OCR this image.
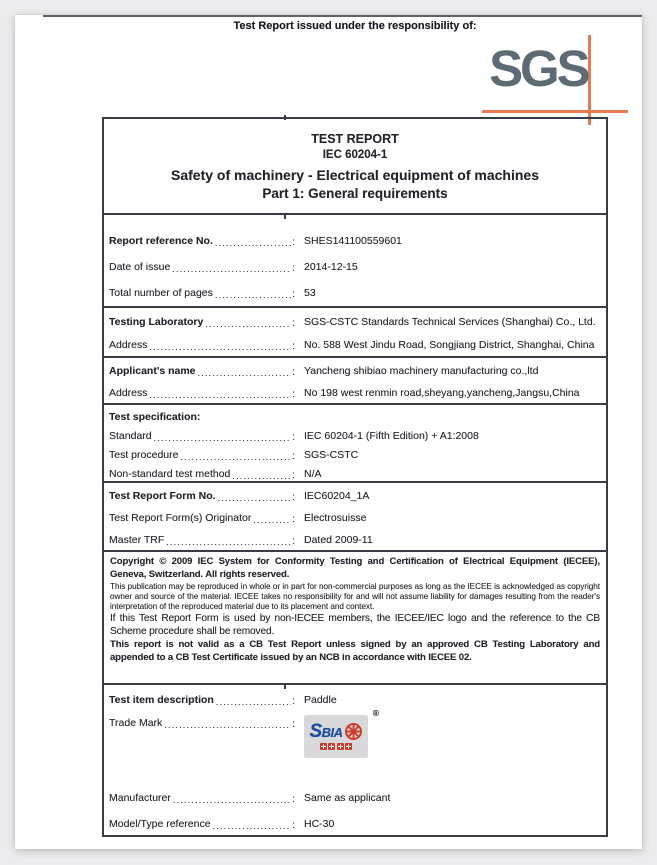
Test Report issued under the responsibility of:
SGS
TEST REPORT
IEC 60204-1
Safety of machinery - Electrical equipment of machines
Part 1: General requirements
Report reference No. .....	: SHES141100559601
Date of issue .....	: 2014-12-15
Total number of pages .....	: 53
Testing Laboratory .....	: SGS-CSTC Standards Technical Services (Shanghai) Co., Ltd.
Address .....	: No. 588 West Jindu Road, Songjiang District, Shanghai, China
Applicant's name .....	: Yancheng shibiao machinery manufacturing co.,ltd
Address .....	: No 198 west renmin road,sheyang,yancheng,Jangsu,China
Test specification:
Standard .....	: IEC 60204-1 (Fifth Edition) + A1:2008
Test procedure .....	: SGS-CSTC
Non-standard test method .....	: N/A
Test Report Form No. .....	: IEC60204_1A
Test Report Form(s) Originator .....	: Electrosuisse
Master TRF .....	: Dated 2009-11

Copyright © 2009 IEC System for Conformity Testing and Certification of Electrical Equipment (IECEE), Geneva, Switzerland. All rights reserved.

This publication may be reproduced in whole or in part for non-commercial purposes as long as the IECEE is acknowledged as copyright owner and source of the material. IECEE takes no responsibility for and will not assume liability for damages resulting from the reader's interpretation of the reproduced material due to its placement and context.

If this Test Report Form is used by non-IECEE members, the IECEE/IEC logo and the reference to the CB Scheme procedure shall be removed.

This report is not valid as a CB Test Report unless signed by an approved CB Testing Laboratory and appended to a CB Test Certificate issued by an NCB in accordance with IECEE 02.

Test item description .....	: Paddle
Trade Mark .....	:
®
SBIA
Manufacturer .....	: Same as applicant
Model/Type reference .....	: HC-30
